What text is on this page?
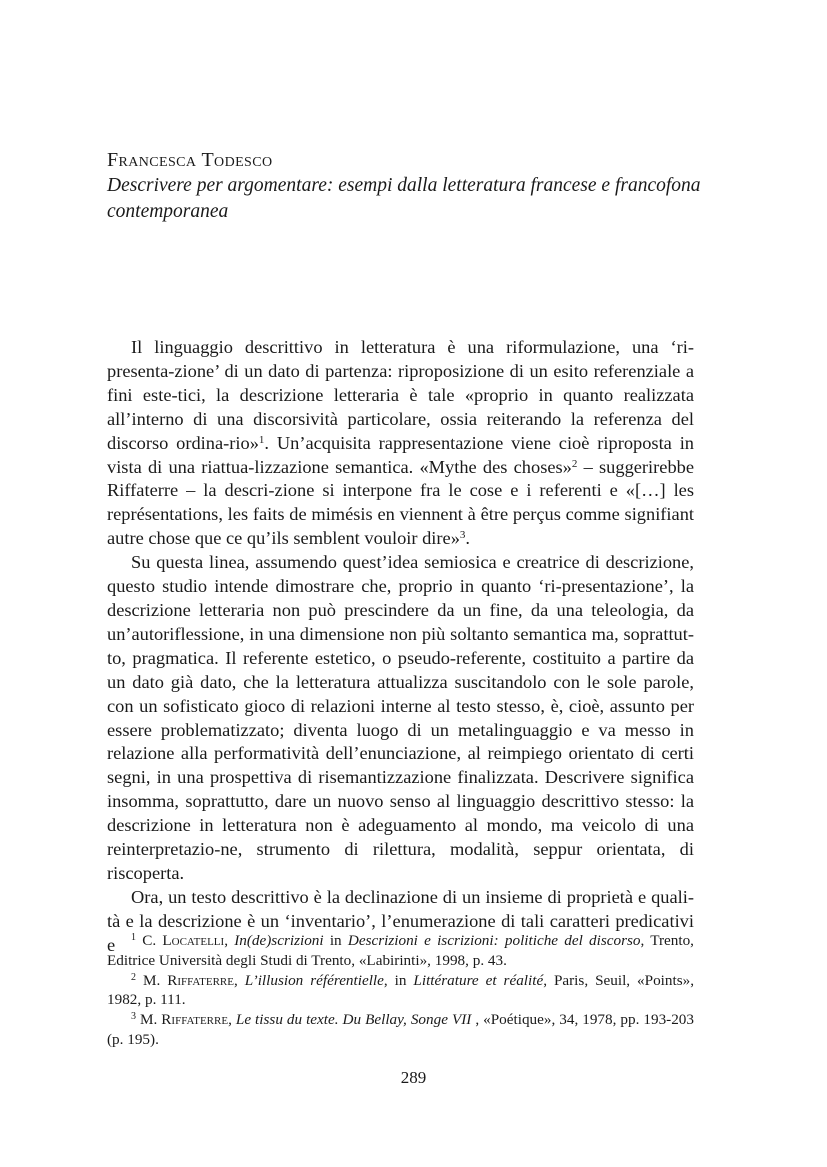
Francesca Todesco

Descrivere per argomentare: esempi dalla letteratura francese e francofona contemporanea

Il linguaggio descrittivo in letteratura è una riformulazione, una ‘ri-presenta-zione’ di un dato di partenza: riproposizione di un esito referenziale a fini este-tici, la descrizione letteraria è tale «proprio in quanto realizzata all’interno di una discorsività particolare, ossia reiterando la referenza del discorso ordina-rio»$^1$. Un’acquisita rappresentazione viene cioè riproposta in vista di una riattua-lizzazione semantica. «Mythe des choses»$^2$ – suggerirebbe Riffaterre – la descri-zione si interpone fra le cose e i referenti e «[…] les représentations, les faits de mimésis en viennent à être perçus comme signifiant autre chose que ce qu’ils semblent vouloir dire»$^3$.

Su questa linea, assumendo quest’idea semiosica e creatrice di descrizione, questo studio intende dimostrare che, proprio in quanto ‘ri-presentazione’, la descrizione letteraria non può prescindere da un fine, da una teleologia, da un’autoriflessione, in una dimensione non più soltanto semantica ma, soprattut-to, pragmatica. Il referente estetico, o pseudo-referente, costituito a partire da un dato già dato, che la letteratura attualizza suscitandolo con le sole parole, con un sofisticato gioco di relazioni interne al testo stesso, è, cioè, assunto per essere problematizzato; diventa luogo di un metalinguaggio e va messo in relazione alla performatività dell’enunciazione, al reimpiego orientato di certi segni, in una prospettiva di risemantizzazione finalizzata. Descrivere significa insomma, soprattutto, dare un nuovo senso al linguaggio descrittivo stesso: la descrizione in letteratura non è adeguamento al mondo, ma veicolo di una reinterpretazio-ne, strumento di rilettura, modalità, seppur orientata, di riscoperta.

Ora, un testo descrittivo è la declinazione di un insieme di proprietà e quali-tà e la descrizione è un ‘inventario’, l’enumerazione di tali caratteri predicativi e	$^1$ C. Locatelli, In(de)scrizioni in Descrizioni e iscrizioni: politiche del discorso, Trento, Editrice Università degli Studi di Trento, «Labirinti», 1998, p. 43.

$^2$ M. Riffaterre, L’illusion référentielle, in Littérature et réalité, Paris, Seuil, «Points», 1982, p. 111.

$^3$ M. Riffaterre, Le tissu du texte. Du Bellay, Songe VII , «Poétique», 34, 1978, pp. 193-203 (p. 195).

289
